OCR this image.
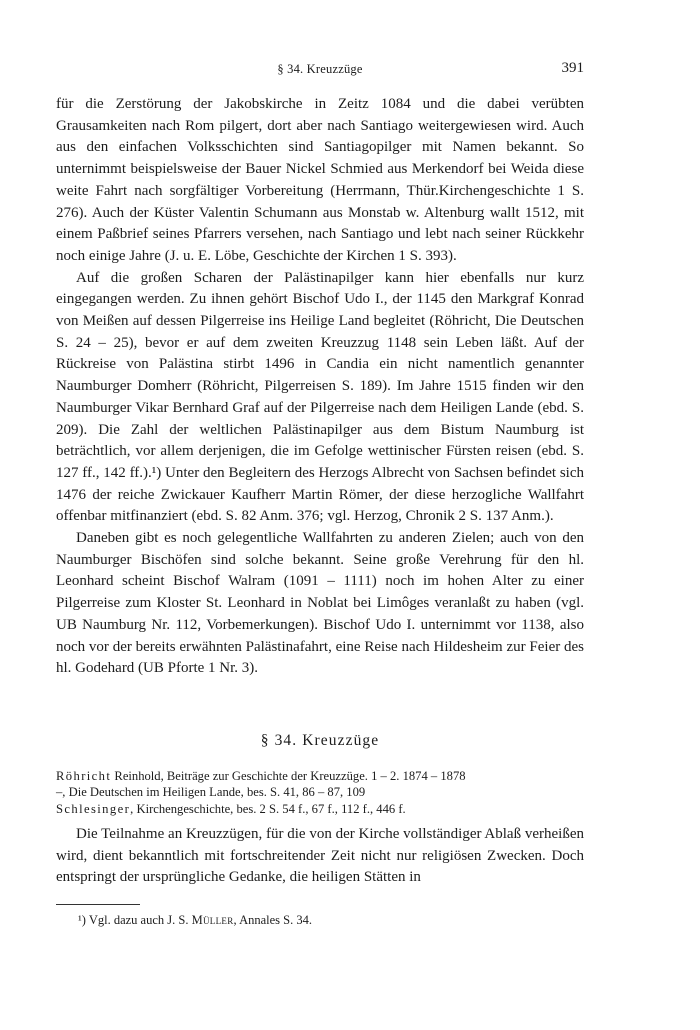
§ 34. Kreuzzüge	391

für die Zerstörung der Jakobskirche in Zeitz 1084 und die dabei verübten Grausamkeiten nach Rom pilgert, dort aber nach Santiago weitergewiesen wird. Auch aus den einfachen Volksschichten sind Santiagopilger mit Namen bekannt. So unternimmt beispielsweise der Bauer Nickel Schmied aus Merkendorf bei Weida diese weite Fahrt nach sorgfältiger Vorbereitung (Herrmann, Thür.Kirchengeschichte 1 S. 276). Auch der Küster Valentin Schumann aus Monstab w. Altenburg wallt 1512, mit einem Paßbrief seines Pfarrers versehen, nach Santiago und lebt nach seiner Rückkehr noch einige Jahre (J. u. E. Löbe, Geschichte der Kirchen 1 S. 393).

Auf die großen Scharen der Palästinapilger kann hier ebenfalls nur kurz eingegangen werden. Zu ihnen gehört Bischof Udo I., der 1145 den Markgraf Konrad von Meißen auf dessen Pilgerreise ins Heilige Land begleitet (Röhricht, Die Deutschen S. 24 – 25), bevor er auf dem zweiten Kreuzzug 1148 sein Leben läßt. Auf der Rückreise von Palästina stirbt 1496 in Candia ein nicht namentlich genannter Naumburger Domherr (Röhricht, Pilgerreisen S. 189). Im Jahre 1515 finden wir den Naumburger Vikar Bernhard Graf auf der Pilgerreise nach dem Heiligen Lande (ebd. S. 209). Die Zahl der weltlichen Palästinapilger aus dem Bistum Naumburg ist beträchtlich, vor allem derjenigen, die im Gefolge wettinischer Fürsten reisen (ebd. S. 127 ff., 142 ff.).¹) Unter den Begleitern des Herzogs Albrecht von Sachsen befindet sich 1476 der reiche Zwickauer Kaufherr Martin Römer, der diese herzogliche Wallfahrt offenbar mitfinanziert (ebd. S. 82 Anm. 376; vgl. Herzog, Chronik 2 S. 137 Anm.).

Daneben gibt es noch gelegentliche Wallfahrten zu anderen Zielen; auch von den Naumburger Bischöfen sind solche bekannt. Seine große Verehrung für den hl. Leonhard scheint Bischof Walram (1091 – 1111) noch im hohen Alter zu einer Pilgerreise zum Kloster St. Leonhard in Noblat bei Limôges veranlaßt zu haben (vgl. UB Naumburg Nr. 112, Vorbemerkungen). Bischof Udo I. unternimmt vor 1138, also noch vor der bereits erwähnten Palästinafahrt, eine Reise nach Hildesheim zur Feier des hl. Godehard (UB Pforte 1 Nr. 3).

§ 34. Kreuzzüge
Röhricht Reinhold, Beiträge zur Geschichte der Kreuzzüge. 1 – 2. 1874 – 1878
–, Die Deutschen im Heiligen Lande, bes. S. 41, 86 – 87, 109
Schlesinger, Kirchengeschichte, bes. 2 S. 54 f., 67 f., 112 f., 446 f.

Die Teilnahme an Kreuzzügen, für die von der Kirche vollständiger Ablaß verheißen wird, dient bekanntlich mit fortschreitender Zeit nicht nur religiösen Zwecken. Doch entspringt der ursprüngliche Gedanke, die heiligen Stätten in

¹) Vgl. dazu auch J. S. Müller, Annales S. 34.
